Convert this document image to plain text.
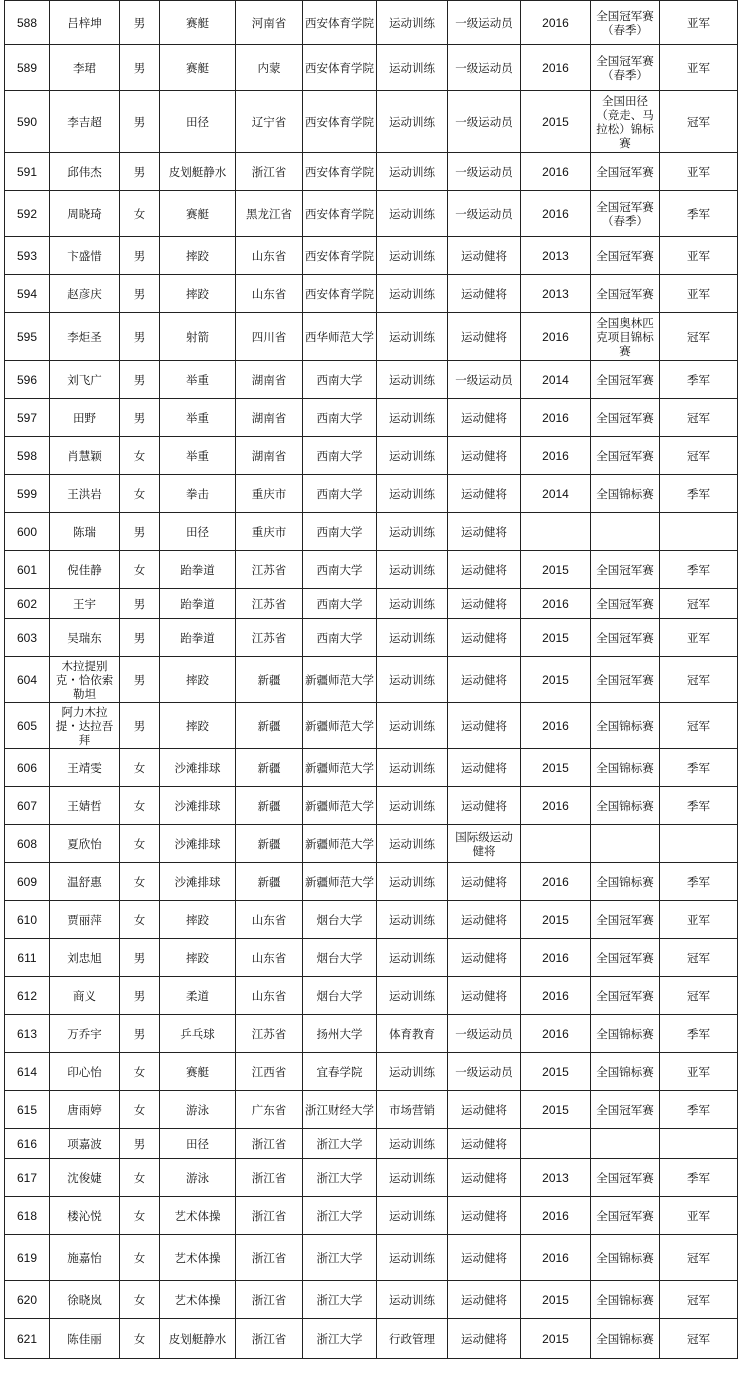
588	吕梓坤	男	赛艇	河南省	西安体育学院	运动训练	一级运动员	2016	全国冠军赛（春季）	亚军
589	李珺	男	赛艇	内蒙	西安体育学院	运动训练	一级运动员	2016	全国冠军赛（春季）	亚军
590	李吉超	男	田径	辽宁省	西安体育学院	运动训练	一级运动员	2015	全国田径（竞走、马拉松）锦标赛	冠军
591	邱伟杰	男	皮划艇静水	浙江省	西安体育学院	运动训练	一级运动员	2016	全国冠军赛	亚军
592	周晓琦	女	赛艇	黑龙江省	西安体育学院	运动训练	一级运动员	2016	全国冠军赛（春季）	季军
593	卞盛惜	男	摔跤	山东省	西安体育学院	运动训练	运动健将	2013	全国冠军赛	亚军
594	赵彦庆	男	摔跤	山东省	西安体育学院	运动训练	运动健将	2013	全国冠军赛	亚军
595	李炬圣	男	射箭	四川省	西华师范大学	运动训练	运动健将	2016	全国奥林匹克项目锦标赛	冠军
596	刘飞广	男	举重	湖南省	西南大学	运动训练	一级运动员	2014	全国冠军赛	季军
597	田野	男	举重	湖南省	西南大学	运动训练	运动健将	2016	全国冠军赛	冠军
598	肖慧颖	女	举重	湖南省	西南大学	运动训练	运动健将	2016	全国冠军赛	冠军
599	王洪岩	女	拳击	重庆市	西南大学	运动训练	运动健将	2014	全国锦标赛	季军
600	陈瑞	男	田径	重庆市	西南大学	运动训练	运动健将			
601	倪佳静	女	跆拳道	江苏省	西南大学	运动训练	运动健将	2015	全国冠军赛	季军
602	王宇	男	跆拳道	江苏省	西南大学	运动训练	运动健将	2016	全国冠军赛	冠军
603	吴瑞东	男	跆拳道	江苏省	西南大学	运动训练	运动健将	2015	全国冠军赛	亚军
604	木拉提别克・恰依索勒坦	男	摔跤	新疆	新疆师范大学	运动训练	运动健将	2015	全国冠军赛	冠军
605	阿力木拉提・达拉吾拜	男	摔跤	新疆	新疆师范大学	运动训练	运动健将	2016	全国锦标赛	冠军
606	王靖雯	女	沙滩排球	新疆	新疆师范大学	运动训练	运动健将	2015	全国锦标赛	季军
607	王婧哲	女	沙滩排球	新疆	新疆师范大学	运动训练	运动健将	2016	全国锦标赛	季军
608	夏欣怡	女	沙滩排球	新疆	新疆师范大学	运动训练	国际级运动健将			
609	温舒惠	女	沙滩排球	新疆	新疆师范大学	运动训练	运动健将	2016	全国锦标赛	季军
610	贾丽萍	女	摔跤	山东省	烟台大学	运动训练	运动健将	2015	全国冠军赛	亚军
611	刘忠旭	男	摔跤	山东省	烟台大学	运动训练	运动健将	2016	全国冠军赛	冠军
612	商义	男	柔道	山东省	烟台大学	运动训练	运动健将	2016	全国冠军赛	冠军
613	万乔宇	男	乒乓球	江苏省	扬州大学	体育教育	一级运动员	2016	全国锦标赛	季军
614	印心怡	女	赛艇	江西省	宜春学院	运动训练	一级运动员	2015	全国锦标赛	亚军
615	唐雨婷	女	游泳	广东省	浙江财经大学	市场营销	运动健将	2015	全国冠军赛	季军
616	项嘉波	男	田径	浙江省	浙江大学	运动训练	运动健将			
617	沈俊婕	女	游泳	浙江省	浙江大学	运动训练	运动健将	2013	全国冠军赛	季军
618	楼沁悦	女	艺术体操	浙江省	浙江大学	运动训练	运动健将	2016	全国冠军赛	亚军
619	施嘉怡	女	艺术体操	浙江省	浙江大学	运动训练	运动健将	2016	全国锦标赛	冠军
620	徐晓岚	女	艺术体操	浙江省	浙江大学	运动训练	运动健将	2015	全国锦标赛	冠军
621	陈佳丽	女	皮划艇静水	浙江省	浙江大学	行政管理	运动健将	2015	全国锦标赛	冠军
